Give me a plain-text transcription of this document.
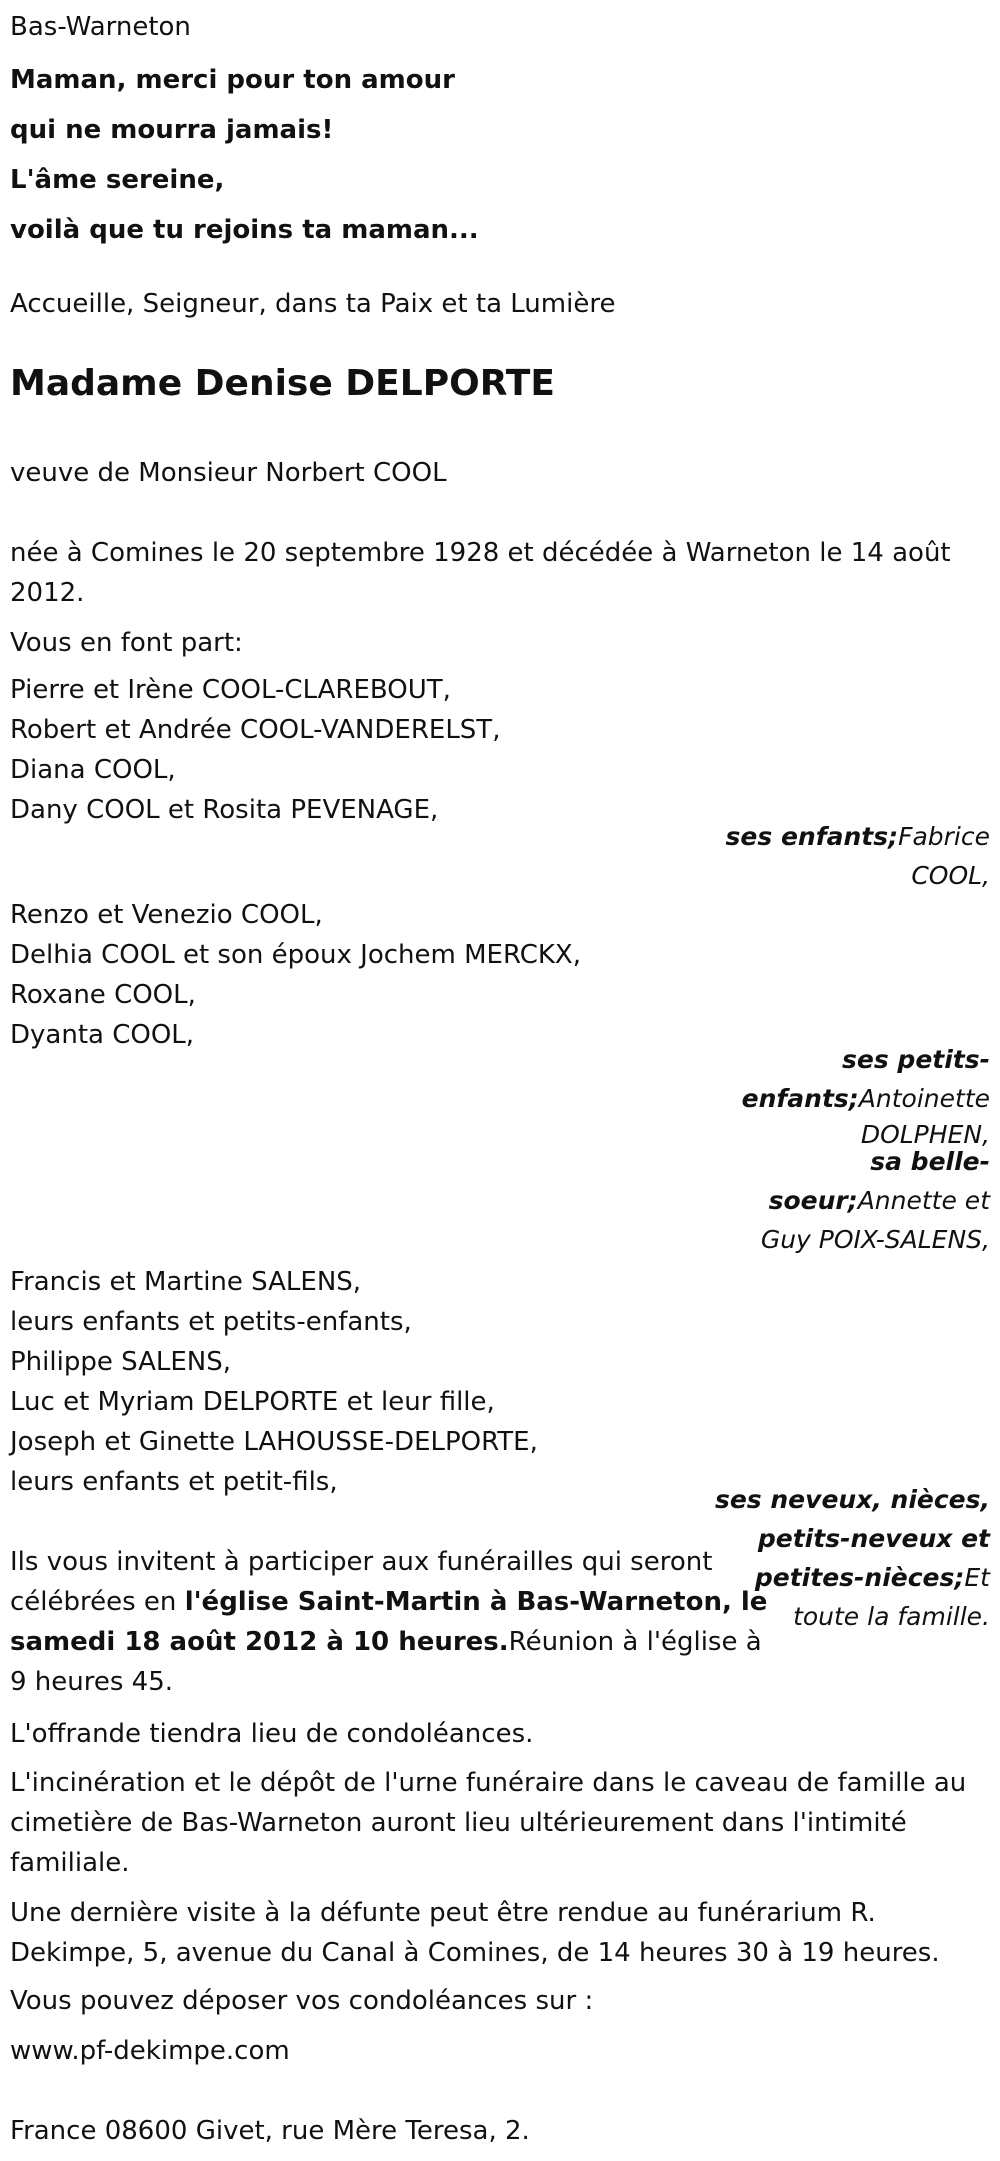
Bas-Warneton
Maman, merci pour ton amour
qui ne mourra jamais!
L'âme sereine,
voilà que tu rejoins ta maman...
Accueille, Seigneur, dans ta Paix et ta Lumière
Madame Denise DELPORTE
veuve de Monsieur Norbert COOL
née à Comines le 20 septembre 1928 et décédée à Warneton le 14 août
2012.
Vous en font part:
Pierre et Irène COOL-CLAREBOUT,
Robert et Andrée COOL-VANDERELST,
Diana COOL,
Dany COOL et Rosita PEVENAGE,
ses enfants;Fabrice
COOL,
Renzo et Venezio COOL,
Delhia COOL et son époux Jochem MERCKX,
Roxane COOL,
Dyanta COOL,
ses petits-
enfants;Antoinette
DOLPHEN,
sa belle-
soeur;Annette et
Guy POIX-SALENS,
Francis et Martine SALENS,
leurs enfants et petits-enfants,
Philippe SALENS,
Luc et Myriam DELPORTE et leur fille,
Joseph et Ginette LAHOUSSE-DELPORTE,
leurs enfants et petit-fils,
ses neveux, nièces,
petits-neveux et
petites-nièces;Et
toute la famille.
Ils vous invitent à participer aux funérailles qui seront
célébrées en l'église Saint-Martin à Bas-Warneton, le
samedi 18 août 2012 à 10 heures.Réunion à l'église à
9 heures 45.
L'offrande tiendra lieu de condoléances.
L'incinération et le dépôt de l'urne funéraire dans le caveau de famille au
cimetière de Bas-Warneton auront lieu ultérieurement dans l'intimité
familiale.
Une dernière visite à la défunte peut être rendue au funérarium R.
Dekimpe, 5, avenue du Canal à Comines, de 14 heures 30 à 19 heures.
Vous pouvez déposer vos condoléances sur :
www.pf-dekimpe.com
France 08600 Givet, rue Mère Teresa, 2.
